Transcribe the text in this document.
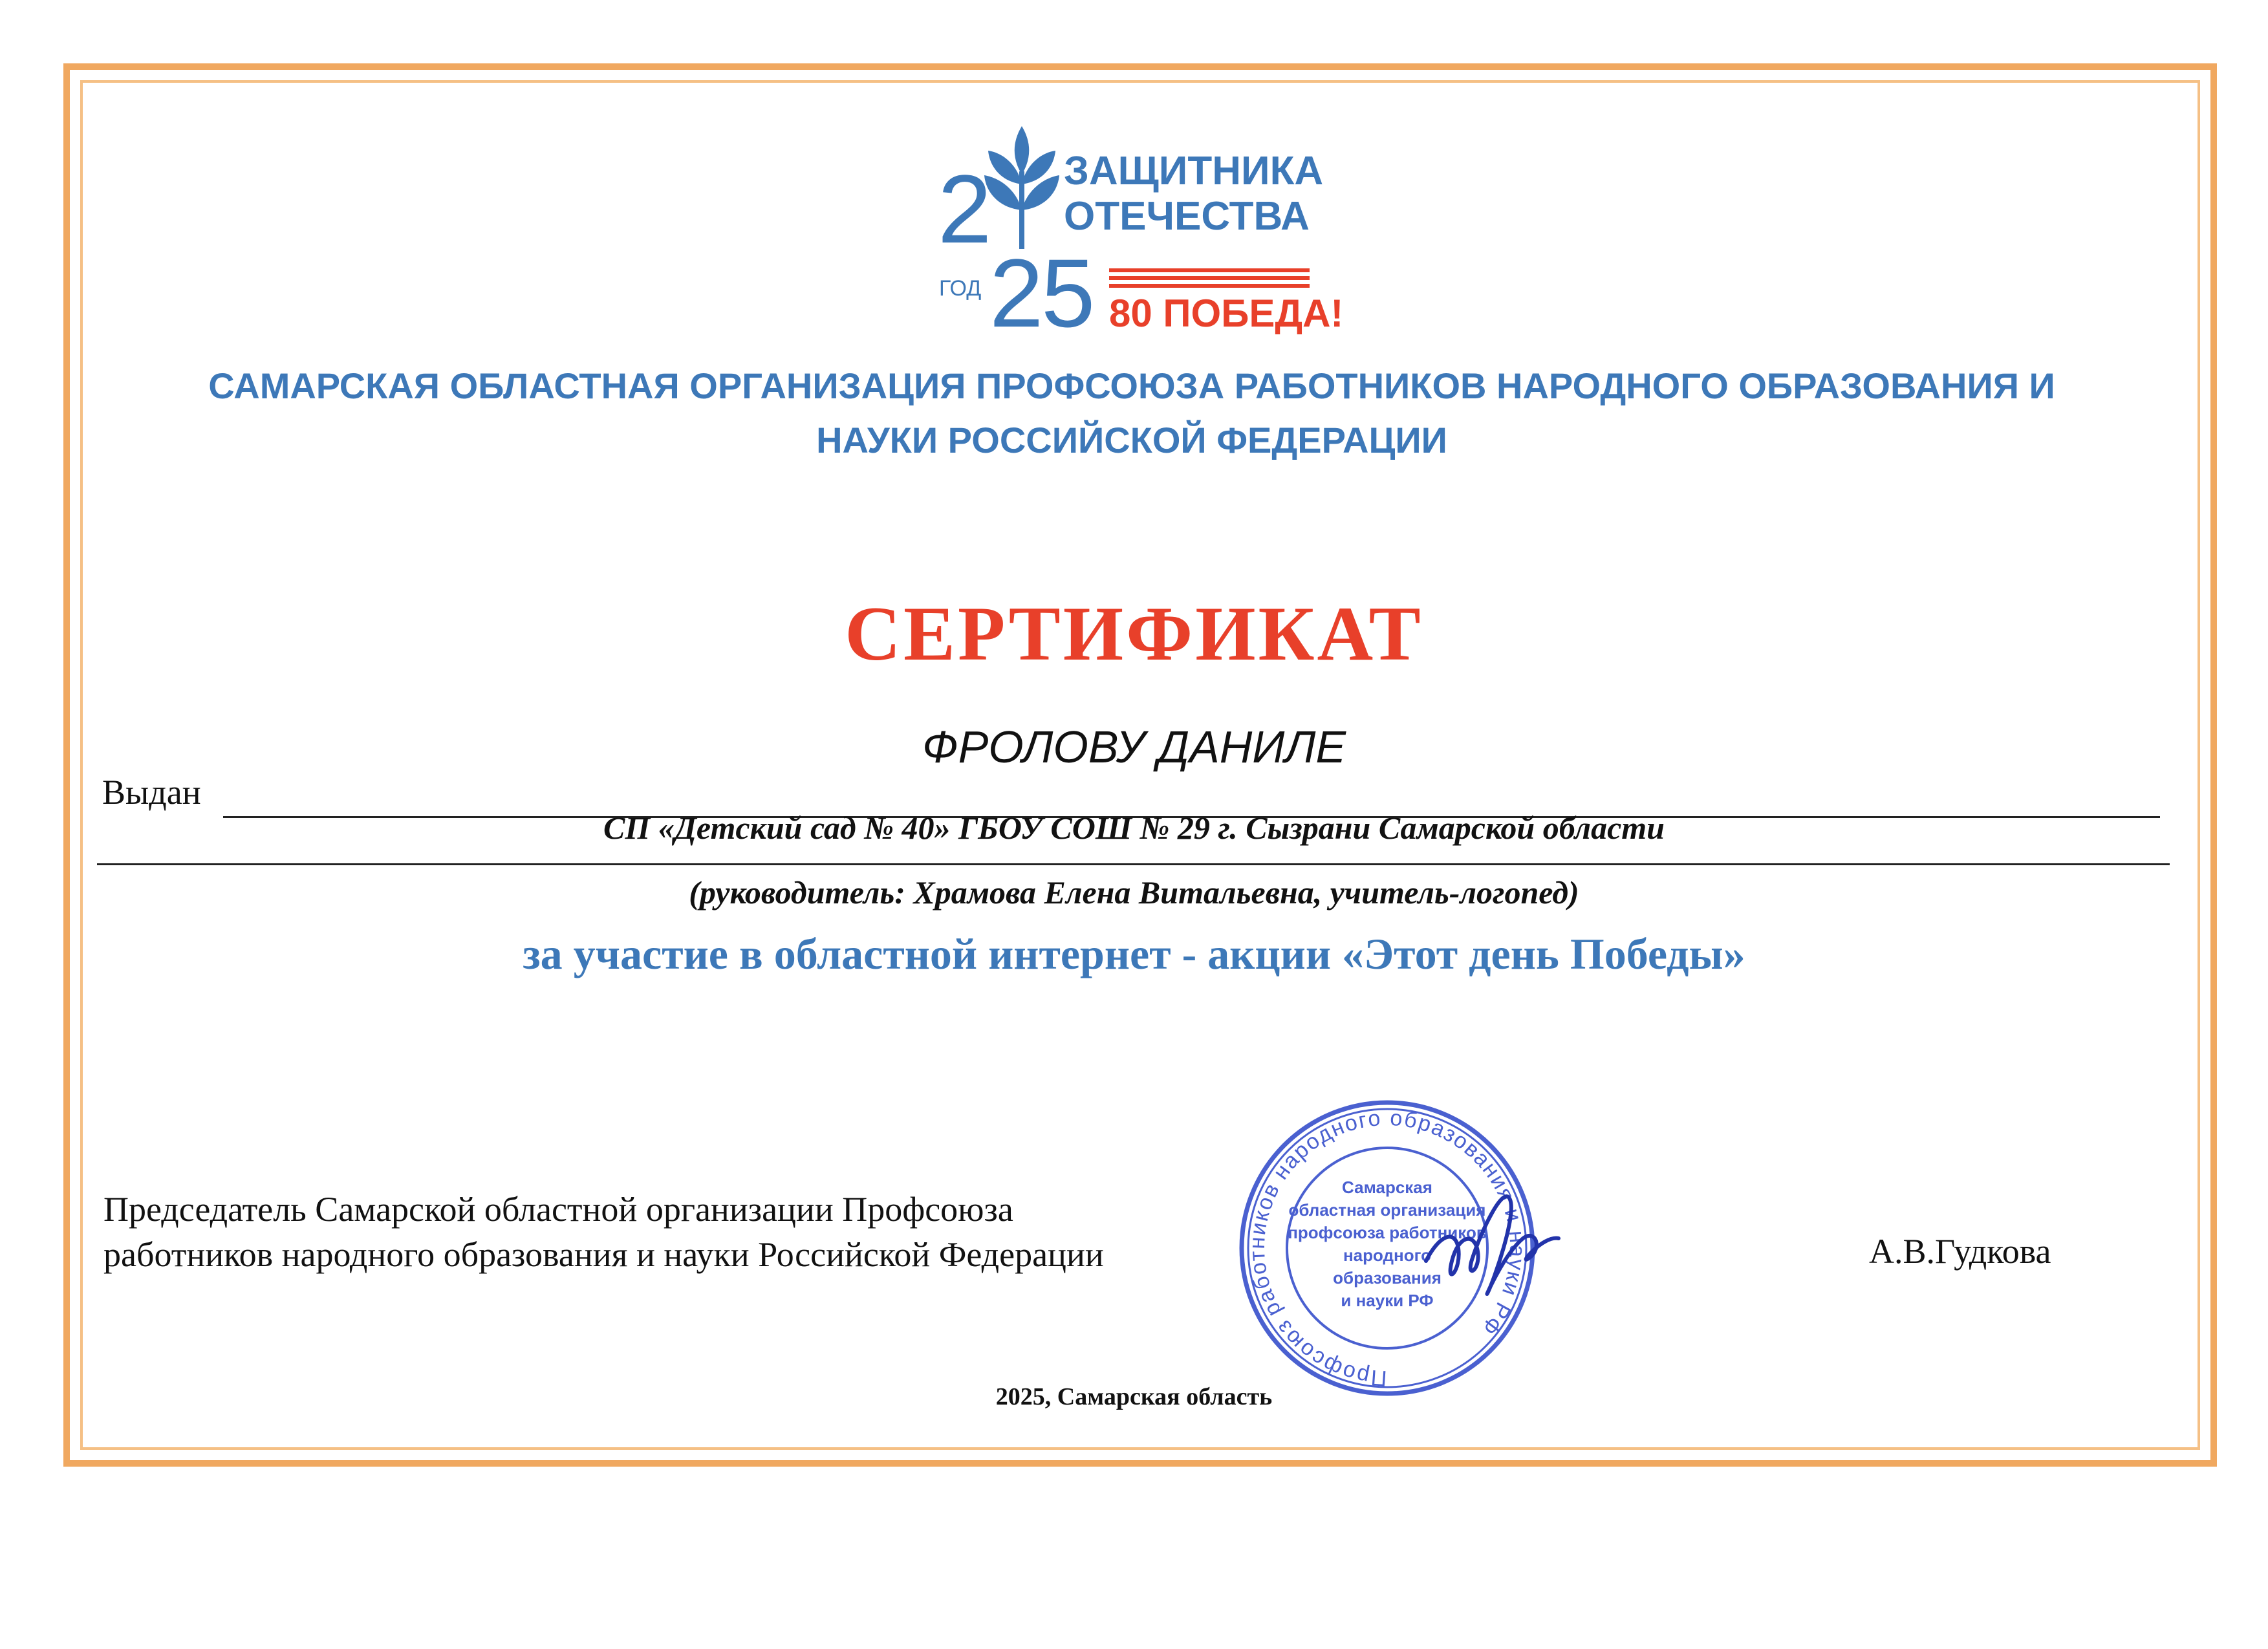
2
ГОД 2
5
ЗАЩИТНИКА
ОТЕЧЕСТВА
80 ПОБЕДА!
САМАРСКАЯ ОБЛАСТНАЯ ОРГАНИЗАЦИЯ ПРОФСОЮЗА РАБОТНИКОВ НАРОДНОГО ОБРАЗОВАНИЯ И
НАУКИ РОССИЙСКОЙ ФЕДЕРАЦИИ
СЕРТИФИКАТ
ФРОЛОВУ ДАНИЛЕ
Выдан
СП «Детский сад № 40» ГБОУ СОШ № 29 г. Сызрани Самарской области
(руководитель: Храмова Елена Витальевна, учитель-логопед)
за участие в областной интернет - акции «Этот день Победы»
Председатель Самарской областной организации Профсоюза
работников народного образования и науки Российской Федерации
Профсоюз работников народного образования и науки РФ
Самарская
областная организация
профсоюза работников
народного
образования
и науки РФ
А.В.Гудкова
2025, Самарская область
